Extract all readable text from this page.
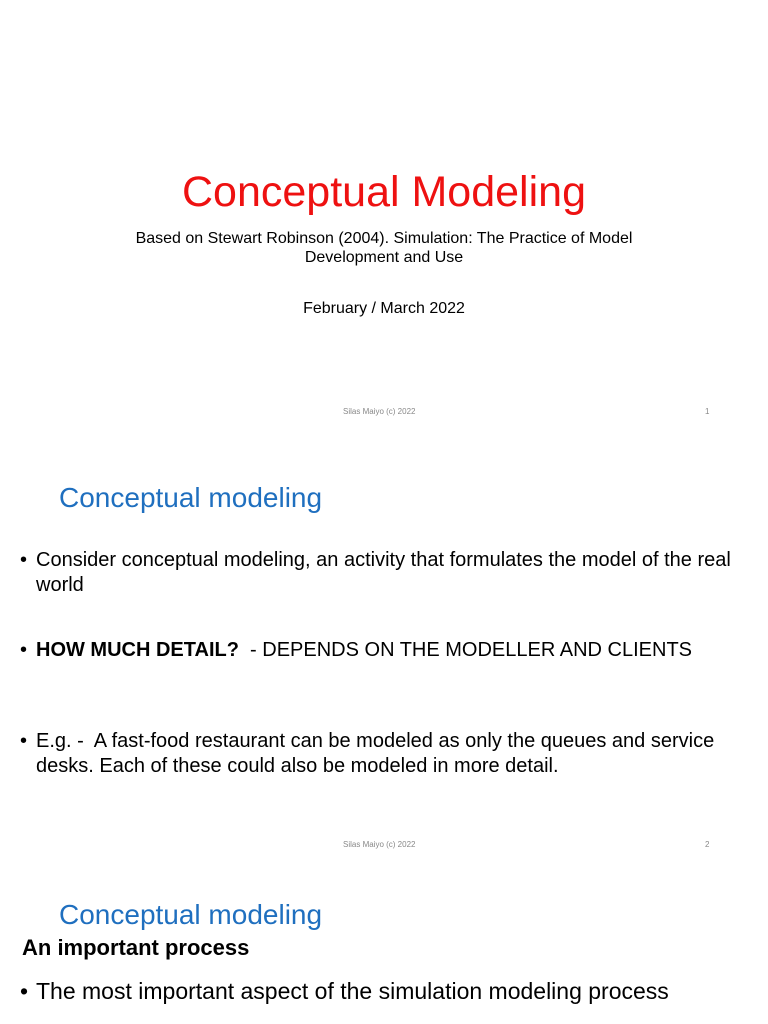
Conceptual Modeling
Based on Stewart Robinson (2004). Simulation: The Practice of Model Development and Use
February / March 2022
Silas Maiyo (c) 2022	1
Conceptual modeling
• Consider conceptual modeling, an activity that formulates the model of the real world
• HOW MUCH DETAIL?  - DEPENDS ON THE MODELLER AND CLIENTS
• E.g. -  A fast-food restaurant can be modeled as only the queues and service desks. Each of these could also be modeled in more detail.
Silas Maiyo (c) 2022	2
Conceptual modeling
An important process
• The most important aspect of the simulation modeling process
